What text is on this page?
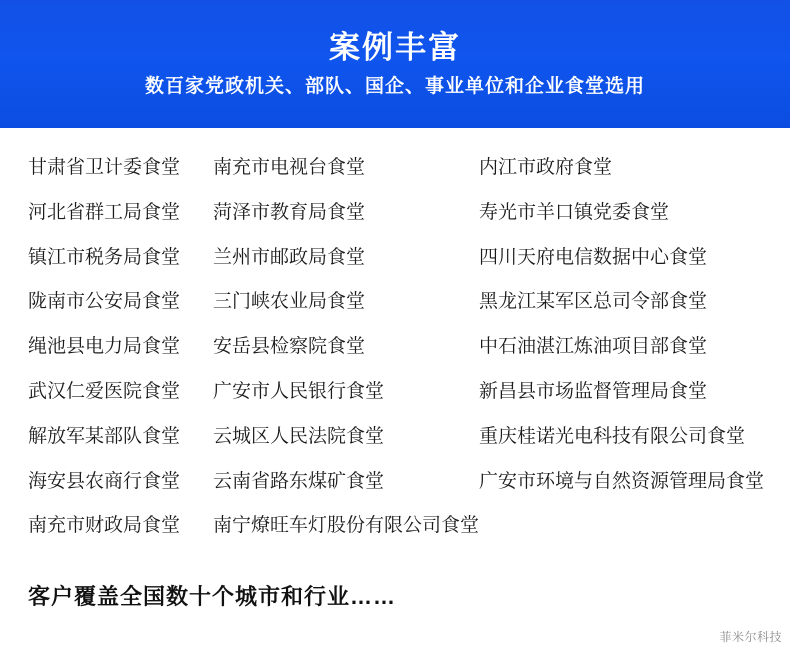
案例丰富
数百家党政机关、部队、国企、事业单位和企业食堂选用
甘肃省卫计委食堂	南充市电视台食堂	内江市政府食堂
河北省群工局食堂	菏泽市教育局食堂	寿光市羊口镇党委食堂
镇江市税务局食堂	兰州市邮政局食堂	四川天府电信数据中心食堂
陇南市公安局食堂	三门峡农业局食堂	黑龙江某军区总司令部食堂
绳池县电力局食堂	安岳县检察院食堂	中石油湛江炼油项目部食堂
武汉仁爱医院食堂	广安市人民银行食堂	新昌县市场监督管理局食堂
解放军某部队食堂	云城区人民法院食堂	重庆桂诺光电科技有限公司食堂
海安县农商行食堂	云南省路东煤矿食堂	广安市环境与自然资源管理局食堂
南充市财政局食堂	南宁燎旺车灯股份有限公司食堂	
客户覆盖全国数十个城市和行业……
菲米尔科技
